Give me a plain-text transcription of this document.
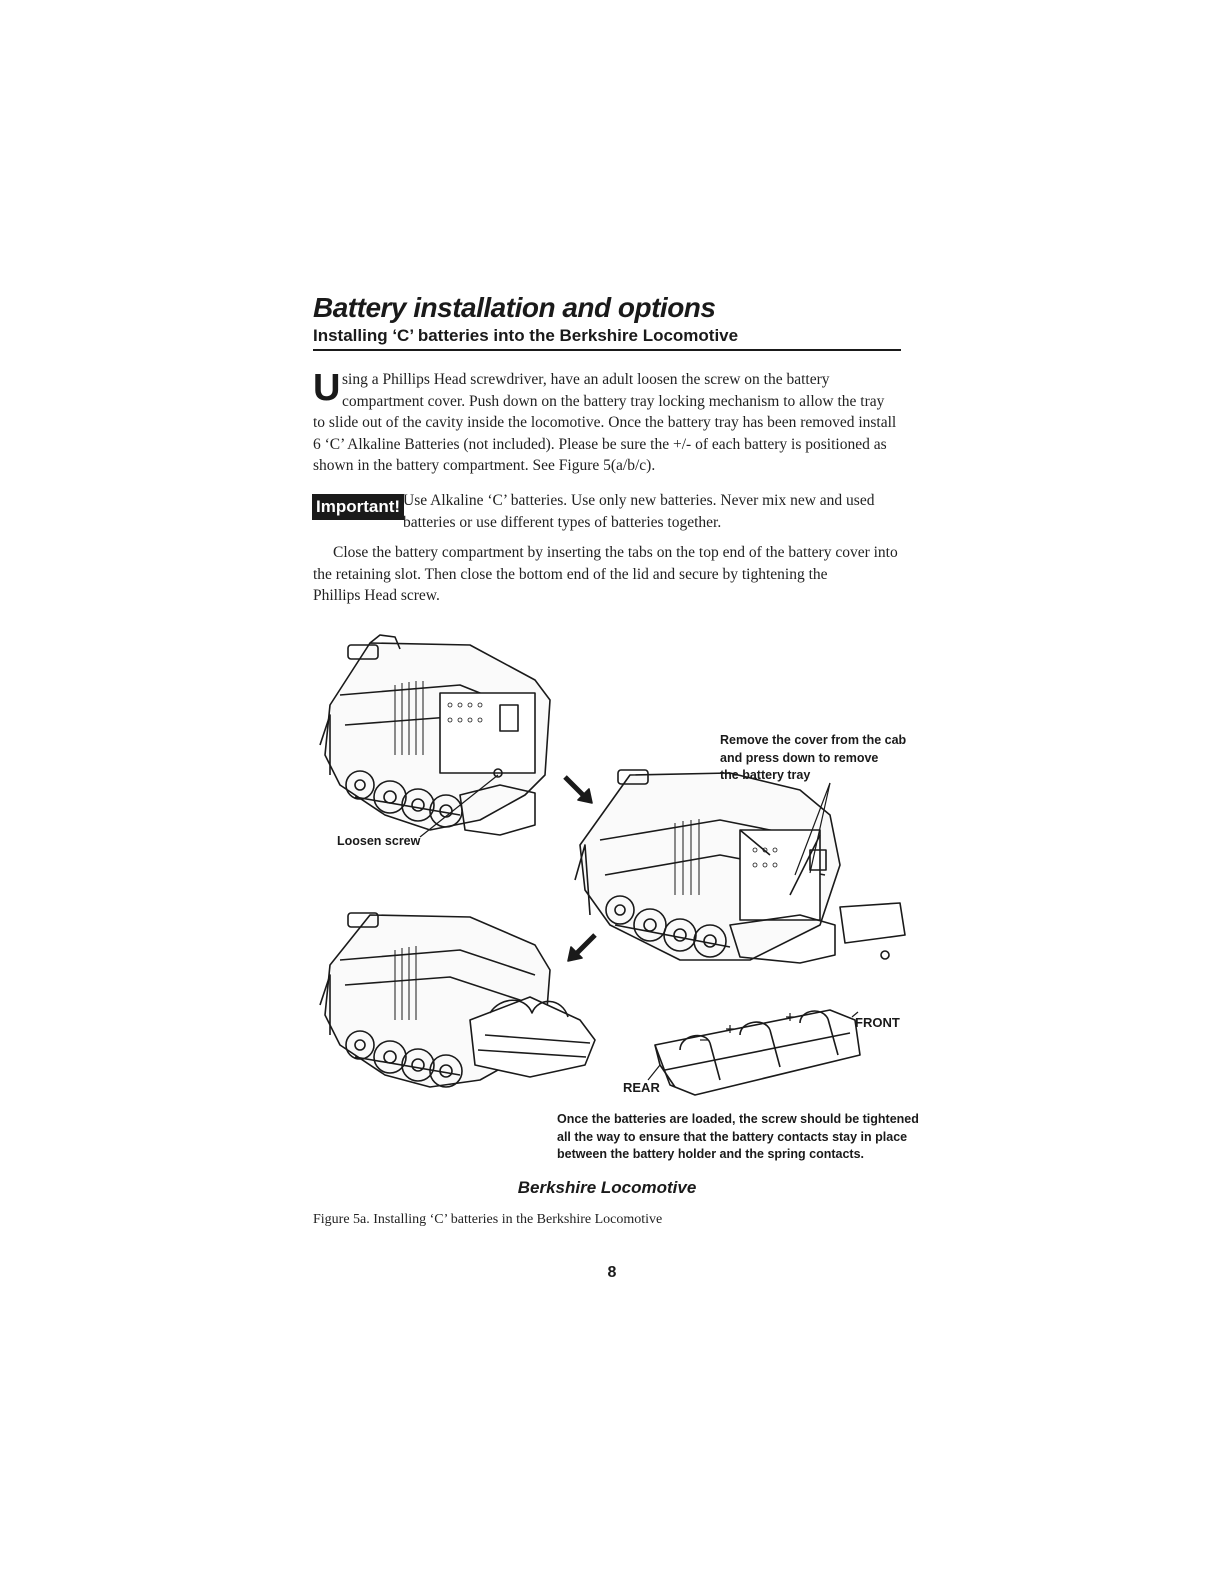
Battery installation and options
Installing ‘C’ batteries into the Berkshire Locomotive
U sing a Phillips Head screwdriver, have an adult loosen the screw on the battery
compartment cover. Push down on the battery tray locking mechanism to allow the tray
to slide out of the cavity inside the locomotive. Once the battery tray has been removed install
6 ‘C’ Alkaline Batteries (not included). Please be sure the +/- of each battery is positioned as
shown in the battery compartment. See Figure 5(a/b/c).
Important! Use Alkaline ‘C’ batteries. Use only new batteries. Never mix new and used
batteries or use different types of batteries together.
Close the battery compartment by inserting the tabs on the top end of the battery cover into
the retaining slot. Then close the bottom end of the lid and secure by tightening the
Phillips Head screw.
Remove the cover from the cab
and press down to remove
the battery tray
Loosen screw
FRONT
REAR
Once the batteries are loaded, the screw should be tightened
all the way to ensure that the battery contacts stay in place
between the battery holder and the spring contacts.
Berkshire Locomotive
Figure 5a. Installing ‘C’ batteries in the Berkshire Locomotive
8
